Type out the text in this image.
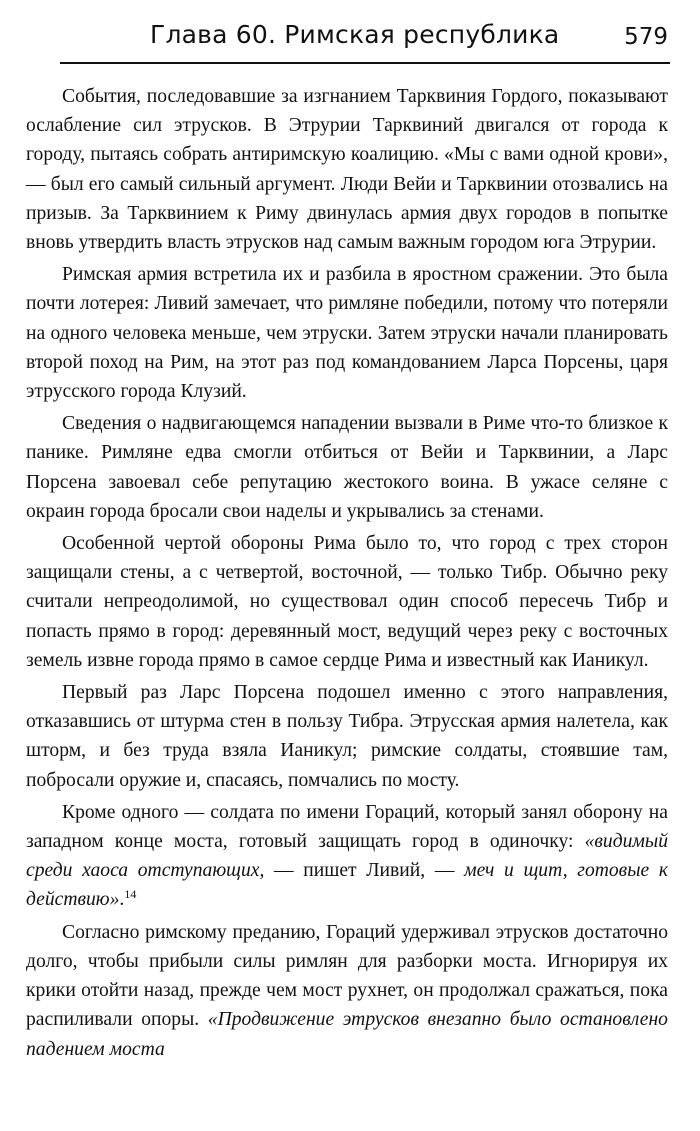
Глава 60. Римская республика	579

События, последовавшие за изгнанием Тарквиния Гордого, показывают ослабление сил этрусков. В Этрурии Тарквиний двигался от города к городу, пытаясь собрать антиримскую коалицию. «Мы с вами одной крови», — был его самый сильный аргумент. Люди Вейи и Тарквинии отозвались на призыв. За Тарквинием к Риму двинулась армия двух городов в попытке вновь утвердить власть этрусков над самым важным городом юга Этрурии.

Римская армия встретила их и разбила в яростном сражении. Это была почти лотерея: Ливий замечает, что римляне победили, потому что потеряли на одного человека меньше, чем этруски. Затем этруски начали планировать второй поход на Рим, на этот раз под командованием Ларса Порсены, царя этрусского города Клузий.

Сведения о надвигающемся нападении вызвали в Риме что-то близкое к панике. Римляне едва смогли отбиться от Вейи и Тарквинии, а Ларс Порсена завоевал себе репутацию жестокого воина. В ужасе селяне с окраин города бросали свои наделы и укрывались за стенами.

Особенной чертой обороны Рима было то, что город с трех сторон защищали стены, а с четвертой, восточной, — только Тибр. Обычно реку считали непреодолимой, но существовал один способ пересечь Тибр и попасть прямо в город: деревянный мост, ведущий через реку с восточных земель извне города прямо в самое сердце Рима и известный как Ианикул.

Первый раз Ларс Порсена подошел именно с этого направления, отказавшись от штурма стен в пользу Тибра. Этрусская армия налетела, как шторм, и без труда взяла Ианикул; римские солдаты, стоявшие там, побросали оружие и, спасаясь, помчались по мосту.

Кроме одного — солдата по имени Гораций, который занял оборону на западном конце моста, готовый защищать город в одиночку: «видимый среди хаоса отступающих, — пишет Ливий, — меч и щит, готовые к действию».$^{14}$

Согласно римскому преданию, Гораций удерживал этрусков достаточно долго, чтобы прибыли силы римлян для разборки моста. Игнорируя их крики отойти назад, прежде чем мост рухнет, он продолжал сражаться, пока распиливали опоры. «Продвижение этрусков внезапно было остановлено падением моста
